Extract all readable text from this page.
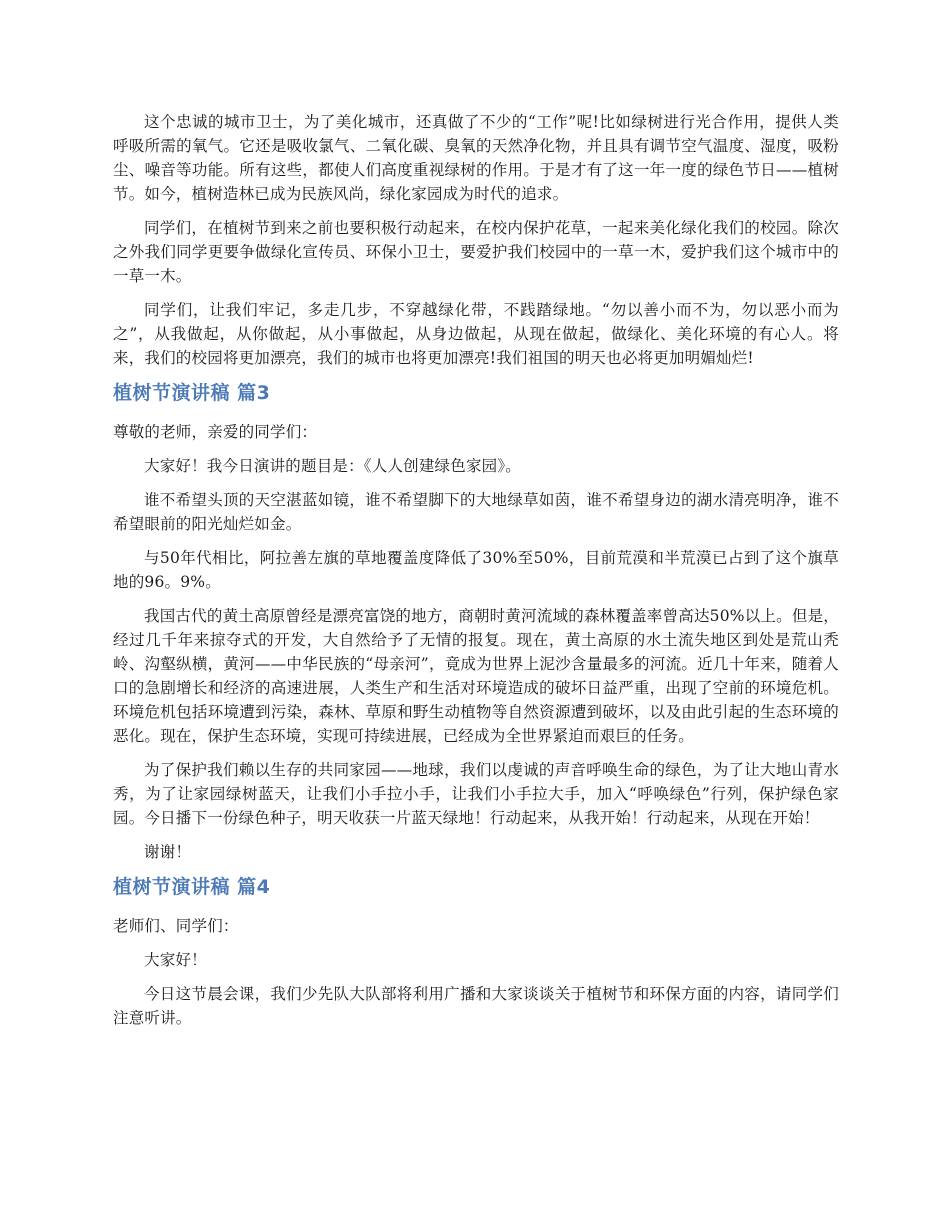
这个忠诚的城市卫士，为了美化城市，还真做了不少的“工作”呢!比如绿树进行光合作用，提供人类呼吸所需的氧气。它还是吸收氯气、二氧化碳、臭氧的天然净化物，并且具有调节空气温度、湿度，吸粉尘、噪音等功能。所有这些，都使人们高度重视绿树的作用。于是才有了这一年一度的绿色节日——植树节。如今，植树造林已成为民族风尚，绿化家园成为时代的追求。

同学们，在植树节到来之前也要积极行动起来，在校内保护花草，一起来美化绿化我们的校园。除次之外我们同学更要争做绿化宣传员、环保小卫士，要爱护我们校园中的一草一木，爱护我们这个城市中的一草一木。

同学们，让我们牢记，多走几步，不穿越绿化带，不践踏绿地。“勿以善小而不为，勿以恶小而为之”，从我做起，从你做起，从小事做起，从身边做起，从现在做起，做绿化、美化环境的有心人。将来，我们的校园将更加漂亮，我们的城市也将更加漂亮!我们祖国的明天也必将更加明媚灿烂!

植树节演讲稿 篇3

尊敬的老师，亲爱的同学们：

大家好！我今日演讲的题目是：《人人创建绿色家园》。

谁不希望头顶的天空湛蓝如镜，谁不希望脚下的大地绿草如茵，谁不希望身边的湖水清亮明净，谁不希望眼前的阳光灿烂如金。

与50年代相比，阿拉善左旗的草地覆盖度降低了30%至50%，目前荒漠和半荒漠已占到了这个旗草地的96。9%。

我国古代的黄土高原曾经是漂亮富饶的地方，商朝时黄河流域的森林覆盖率曾高达50%以上。但是，经过几千年来掠夺式的开发，大自然给予了无情的报复。现在，黄土高原的水土流失地区到处是荒山秃岭、沟壑纵横，黄河——中华民族的“母亲河”，竟成为世界上泥沙含量最多的河流。近几十年来，随着人口的急剧增长和经济的高速进展，人类生产和生活对环境造成的破坏日益严重，出现了空前的环境危机。环境危机包括环境遭到污染，森林、草原和野生动植物等自然资源遭到破坏，以及由此引起的生态环境的恶化。现在，保护生态环境，实现可持续进展，已经成为全世界紧迫而艰巨的任务。

为了保护我们赖以生存的共同家园——地球，我们以虔诚的声音呼唤生命的绿色，为了让大地山青水秀，为了让家园绿树蓝天，让我们小手拉小手，让我们小手拉大手，加入“呼唤绿色”行列，保护绿色家园。今日播下一份绿色种子，明天收获一片蓝天绿地！行动起来，从我开始！行动起来，从现在开始！

谢谢！

植树节演讲稿 篇4

老师们、同学们：

大家好！

今日这节晨会课，我们少先队大队部将利用广播和大家谈谈关于植树节和环保方面的内容，请同学们注意听讲。
